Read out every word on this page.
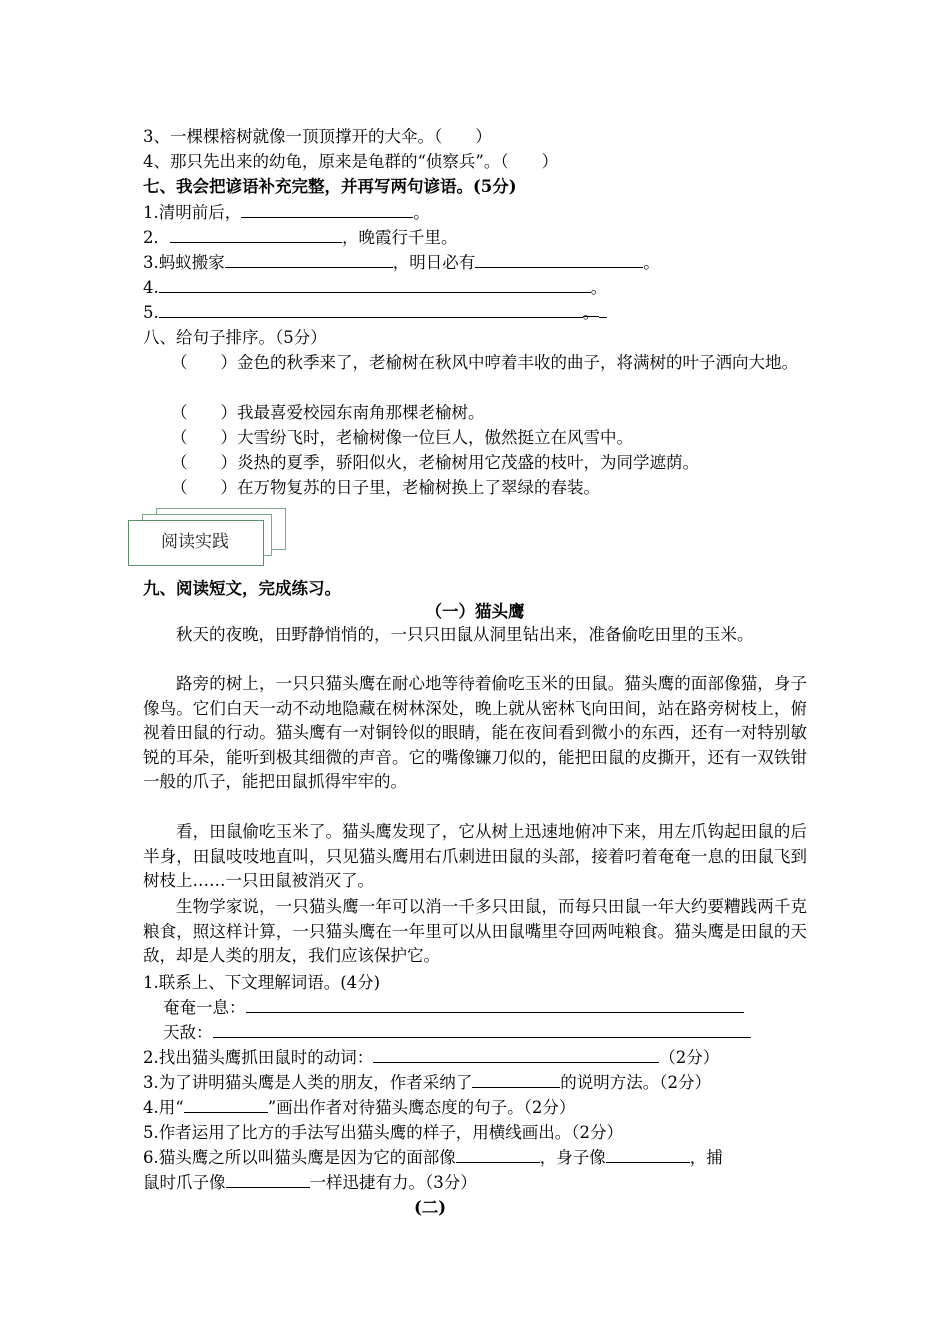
3、一棵棵榕树就像一顶顶撑开的大伞。（　　）
4、那只先出来的幼龟，原来是龟群的“侦察兵”。（　　）
七、我会把谚语补充完整，并再写两句谚语。(5分)
1.清明前后，	。
2．	，晚霞行千里。
3.蚂蚁搬家	，明日必有	。
4.	。
5.	。
八、给句子排序。（5分）
（　　）金色的秋季来了，老榆树在秋风中哼着丰收的曲子，将满树的叶子洒向大地。
（　　）我最喜爱校园东南角那棵老榆树。
（　　）大雪纷飞时，老榆树像一位巨人，傲然挺立在风雪中。
（　　）炎热的夏季，骄阳似火，老榆树用它茂盛的枝叶，为同学遮荫。
（　　）在万物复苏的日子里，老榆树换上了翠绿的春装。
阅读实践
九、阅读短文，完成练习。
（一）猫头鹰
秋天的夜晚，田野静悄悄的，一只只田鼠从洞里钻出来，准备偷吃田里的玉米。
路旁的树上，一只只猫头鹰在耐心地等待着偷吃玉米的田鼠。猫头鹰的面部像猫，身子像鸟。它们白天一动不动地隐藏在树林深处，晚上就从密林飞向田间，站在路旁树枝上，俯视着田鼠的行动。猫头鹰有一对铜铃似的眼睛，能在夜间看到微小的东西，还有一对特别敏锐的耳朵，能听到极其细微的声音。它的嘴像镰刀似的，能把田鼠的皮撕开，还有一双铁钳一般的爪子，能把田鼠抓得牢牢的。
看，田鼠偷吃玉米了。猫头鹰发现了，它从树上迅速地俯冲下来，用左爪钩起田鼠的后半身，田鼠吱吱地直叫，只见猫头鹰用右爪刺进田鼠的头部，接着叼着奄奄一息的田鼠飞到树枝上……一只田鼠被消灭了。
生物学家说，一只猫头鹰一年可以消一千多只田鼠，而每只田鼠一年大约要糟践两千克粮食，照这样计算，一只猫头鹰在一年里可以从田鼠嘴里夺回两吨粮食。猫头鹰是田鼠的天敌，却是人类的朋友，我们应该保护它。
1.联系上、下文理解词语。(4分)
奄奄一息：
天敌：
2.找出猫头鹰抓田鼠时的动词：	（2分）
3.为了讲明猫头鹰是人类的朋友，作者采纳了	的说明方法。（2分）
4.用“	”画出作者对待猫头鹰态度的句子。（2分）
5.作者运用了比方的手法写出猫头鹰的样子，用横线画出。（2分）
6.猫头鹰之所以叫猫头鹰是因为它的面部像	，身子像	，捕
鼠时爪子像	一样迅捷有力。（3分）
(二)
